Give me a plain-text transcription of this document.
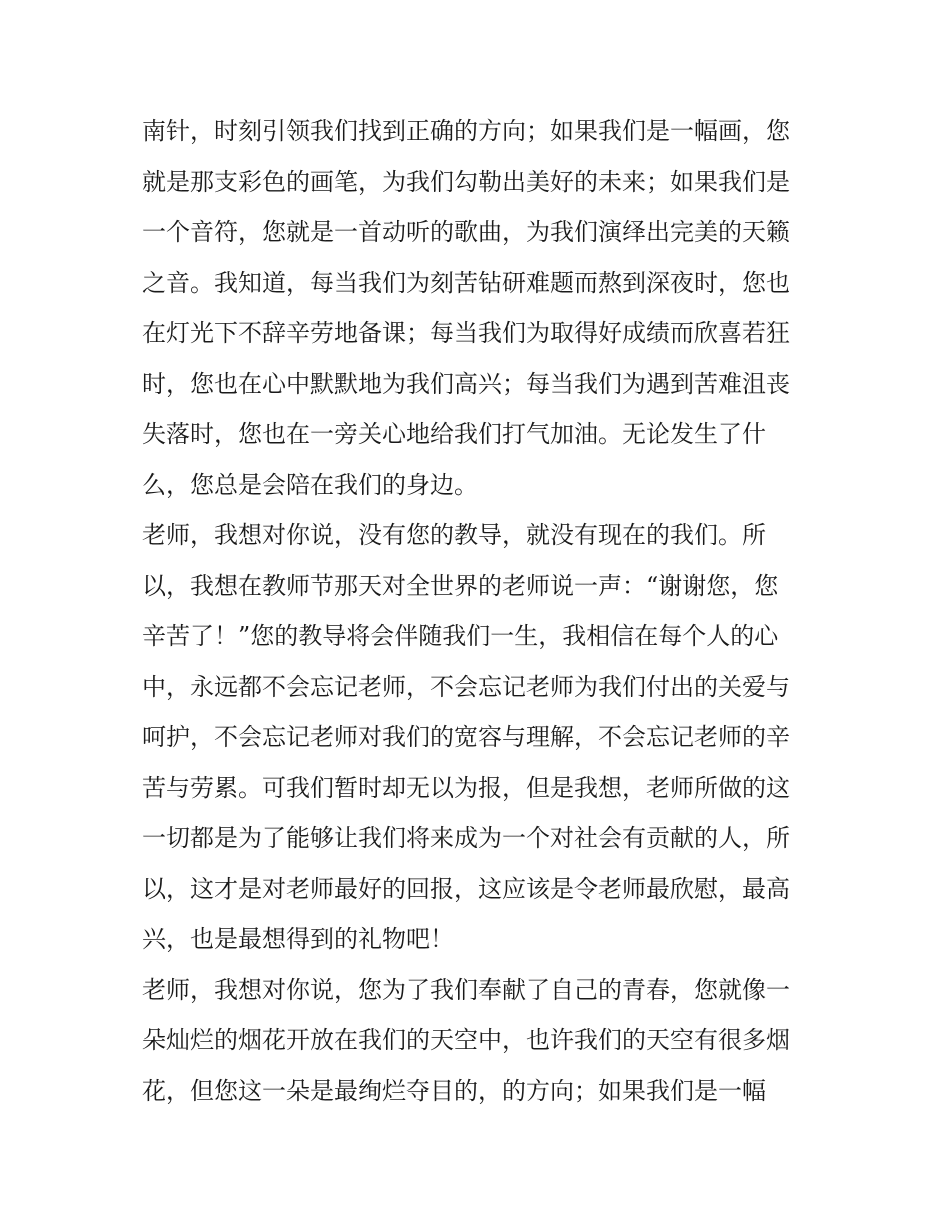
南针，时刻引领我们找到正确的方向；如果我们是一幅画，您
就是那支彩色的画笔，为我们勾勒出美好的未来；如果我们是
一个音符，您就是一首动听的歌曲，为我们演绎出完美的天籁
之音。我知道，每当我们为刻苦钻研难题而熬到深夜时，您也
在灯光下不辞辛劳地备课；每当我们为取得好成绩而欣喜若狂
时，您也在心中默默地为我们高兴；每当我们为遇到苦难沮丧
失落时，您也在一旁关心地给我们打气加油。无论发生了什
么，您总是会陪在我们的身边。
老师，我想对你说，没有您的教导，就没有现在的我们。所
以，我想在教师节那天对全世界的老师说一声：“谢谢您，您
辛苦了！”您的教导将会伴随我们一生，我相信在每个人的心
中，永远都不会忘记老师，不会忘记老师为我们付出的关爱与
呵护，不会忘记老师对我们的宽容与理解，不会忘记老师的辛
苦与劳累。可我们暂时却无以为报，但是我想，老师所做的这
一切都是为了能够让我们将来成为一个对社会有贡献的人，所
以，这才是对老师最好的回报，这应该是令老师最欣慰，最高
兴，也是最想得到的礼物吧！
老师，我想对你说，您为了我们奉献了自己的青春，您就像一
朵灿烂的烟花开放在我们的天空中，也许我们的天空有很多烟
花，但您这一朵是最绚烂夺目的，的方向；如果我们是一幅
